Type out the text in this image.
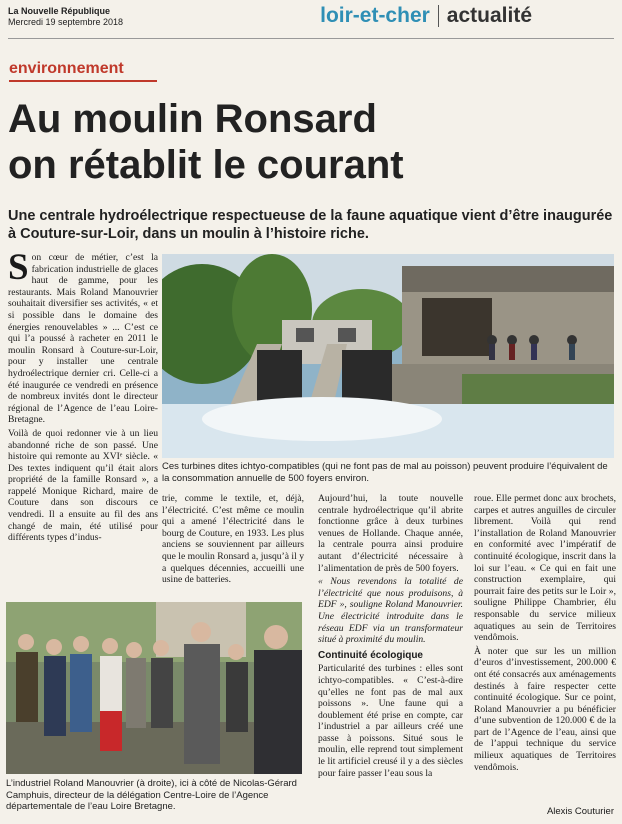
La Nouvelle République
Mercredi 19 septembre 2018	loir-et-cher actualité
environnement
Au moulin Ronsard
on rétablit le courant
Une centrale hydroélectrique respectueuse de la faune aquatique vient d’être inaugurée à Couture-sur-Loir, dans un moulin à l’histoire riche.

Son cœur de métier, c’est la fabrication industrielle de glaces haut de gamme, pour les restaurants. Mais Roland Manouvrier souhaitait diversifier ses activités, « et si possible dans le domaine des énergies renouvelables » ... C’est ce qui l’a poussé à racheter en 2011 le moulin Ronsard à Couture-sur-Loir, pour y installer une centrale hydroélectrique dernier cri. Celle-ci a été inaugurée ce vendredi en présence de nombreux invités dont le directeur régional de l’Agence de l’eau Loire-Bretagne.

Voilà de quoi redonner vie à un lieu abandonné riche de son passé. Une histoire qui remonte au XVIᵉ siècle. « Des textes indiquent qu’il était alors propriété de la famille Ronsard », a rappelé Monique Richard, maire de Couture dans son discours ce vendredi. Il a ensuite au fil des ans changé de main, été utilisé pour différents types d’indus-

Ces turbines dites ichtyo-compatibles (qui ne font pas de mal au poisson) peuvent produire l’équivalent de la consommation annuelle de 500 foyers environ.

trie, comme le textile, et, déjà, l’électricité. C’est même ce moulin qui a amené l’électricité dans le bourg de Couture, en 1933. Les plus anciens se souviennent par ailleurs que le moulin Ronsard a, jusqu’à il y a quelques décennies, accueilli une usine de batteries.

L’industriel Roland Manouvrier (à droite), ici à côté de Nicolas-Gérard Camphuis, directeur de la délégation Centre-Loire de l’Agence départementale de l’eau Loire Bretagne.

Aujourd’hui, la toute nouvelle centrale hydroélectrique qu’il abrite fonctionne grâce à deux turbines venues de Hollande. Chaque année, la centrale pourra ainsi produire autant d’électricité nécessaire à l’alimentation de près de 500 foyers.

« Nous revendons la totalité de l’électricité que nous produisons, à EDF », souligne Roland Manouvrier. Une électricité introduite dans le réseau EDF via un transformateur situé à proximité du moulin.

Continuité écologique

Particularité des turbines : elles sont ichtyo-compatibles. « C’est-à-dire qu’elles ne font pas de mal aux poissons ». Une faune qui a doublement été prise en compte, car l’industriel a par ailleurs créé une passe à poissons. Situé sous le moulin, elle reprend tout simplement le lit artificiel creusé il y a des siècles pour faire passer l’eau sous la

roue. Elle permet donc aux brochets, carpes et autres anguilles de circuler librement. Voilà qui rend l’installation de Roland Manouvrier en conformité avec l’impératif de continuité écologique, inscrit dans la loi sur l’eau. « Ce qui en fait une construction exemplaire, qui pourrait faire des petits sur le Loir », souligne Philippe Chambrier, élu responsable du service milieux aquatiques au sein de Territoires vendômois.

À noter que sur les un million d’euros d’investissement, 200.000 € ont été consacrés aux aménagements destinés à faire respecter cette continuité écologique. Sur ce point, Roland Manouvrier a pu bénéficier d’une subvention de 120.000 € de la part de l’Agence de l’eau, ainsi que de l’appui technique du service milieux aquatiques de Territoires vendômois.

Alexis Couturier
